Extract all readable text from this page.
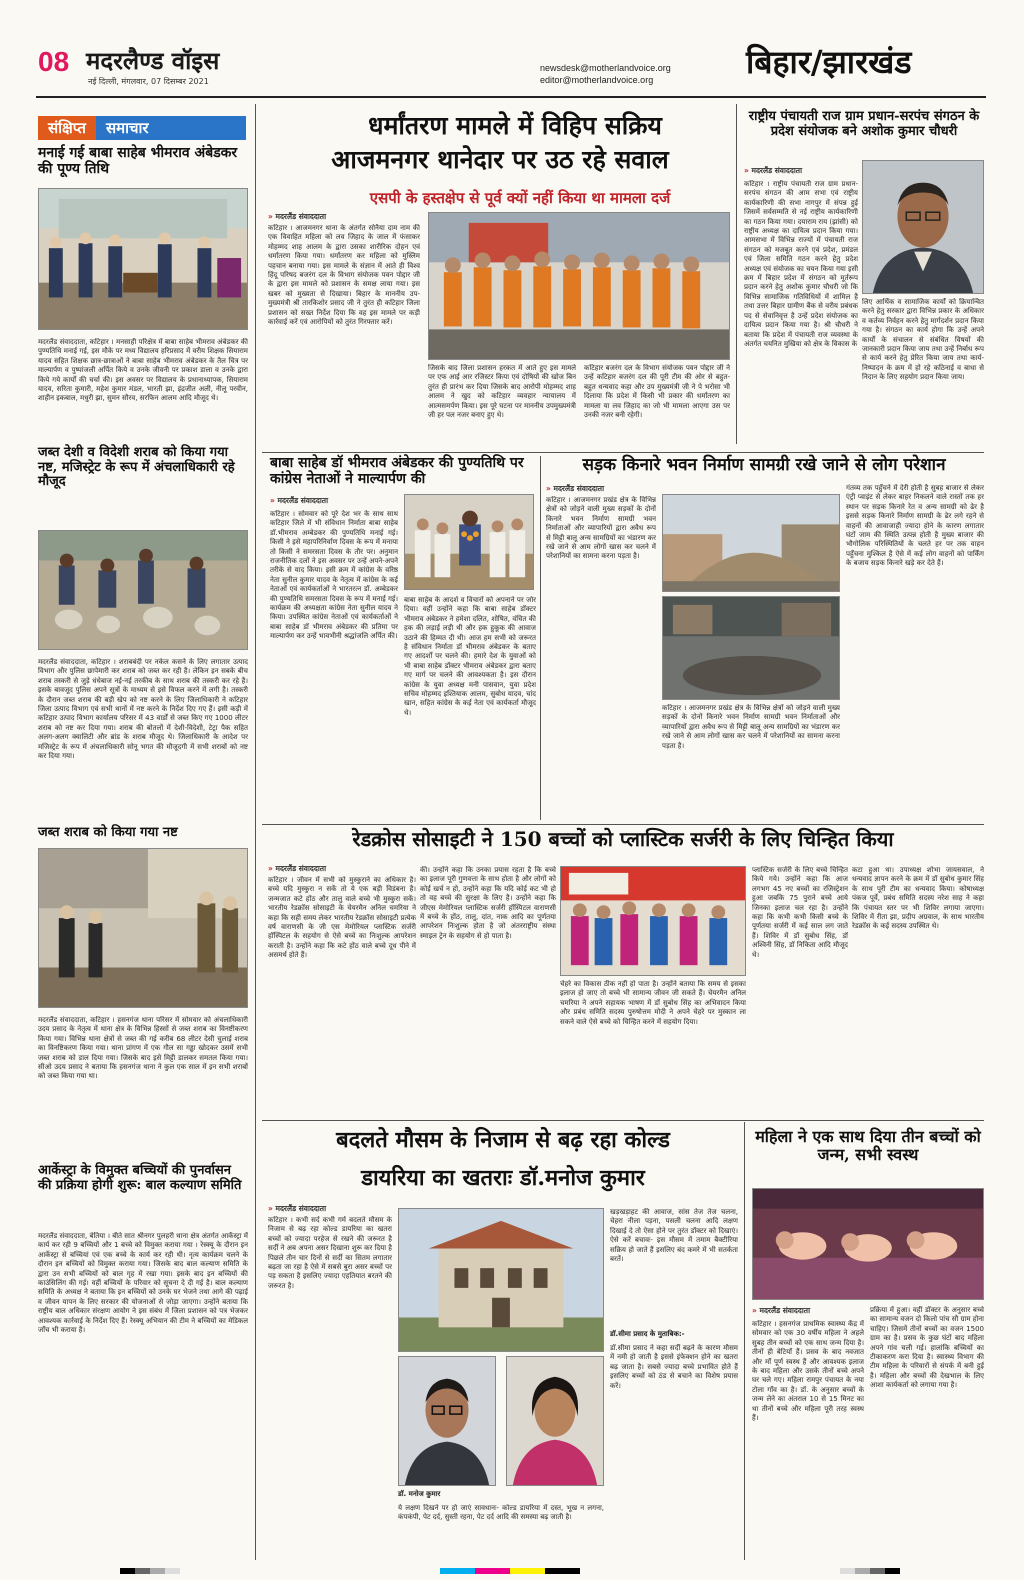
08 मदरलैण्ड वॉइस
नई दिल्ली, मंगलवार, 07 दिसम्बर 2021
newsdesk@motherlandvoice.org
editor@motherlandvoice.org	बिहार/झारखंड
संक्षिप्त	समाचार
मनाई गई बाबा साहेब भीमराव अंबेडकर की पूण्य तिथि
मदरलैंड संवाददाता, कटिहार । मनसाही परिक्षेत्र में बाबा साहेब भीमराव अंबेडकर की पुण्यतिथि मनाई गई, इस मौके पर मध्य विद्यालय हरिप्रसाद में वरीय शिक्षक सियाराम यादव सहित शिक्षक छात्र-छात्राओं ने बाबा साहेब भीमराव अंबेडकर के तैल चित्र पर माल्यार्पण व पुष्पांजली अर्पित किये व उनके जीवनी पर प्रकाश डाला व उनके द्वारा किये गये कार्यों की चर्चा की। इस अवसर पर विद्यालय के प्रधानाध्यापक, सियाराम यादव, सरिता कुमारी, महेश कुमार मंडल, भारती झा, इंद्रजीत अली, नीलू परवीन, शाहीन इकबाल, मधुरी झा, सुमन सौरव, सरफिन आलम आदि मौजूद थे।
जब्त देशी व विदेशी शराब को किया गया नष्ट, मजिस्ट्रेट के रूप में अंचलाधिकारी रहे मौजूद
मदरलैंड संवाददाता, कटिहार । शराबबंदी पर नकेल कसने के लिए लगातार उत्पाद विभाग और पुलिस छापेमारी कर शराब को जब्त कर रही है। लेकिन इन सबके बीच शराब तस्करी से जुड़े धंधेबाज नई-नई तरकीब के साथ शराब की तस्करी कर रहे है। इसके बावजूद पुलिस अपने सूत्रों के माध्यम से इसे विफल करने में लगी है। तस्करी के दौरान जब्त शराब की बड़ी खेप को नष्ट करने के लिए जिलाधिकारी ने कटिहार जिला उत्पाद विभाग एवं सभी थानों में नष्ट करने के निर्देश दिए गए हैं। इसी कड़ी में कटिहार उत्पाद विभाग कार्यालय परिसर में 43 वार्डों से जब्त किए गए 1000 लीटर शराब को नष्ट कर दिया गया। शराब की बोतलों में देशी-विदेशी, टेट्रा पैक सहित अलग-अलग क्वालिटी और ब्रांड के शराब मौजूद थे। जिलाधिकारी के आदेश पर मजिस्ट्रेट के रूप में अंचलाधिकारी सोनू भगत की मौजूदगी में सभी शराबों को नष्ट कर दिया गया।
जब्त शराब को किया गया नष्ट
मदरलैंड संवाददाता, कटिहार । हसनगंज थाना परिसर में सोमवार को अंचलाधिकारी उदय प्रसाद के नेतृत्व में थाना क्षेत्र के विभिन्न हिस्सों से जब्त शराब का विनष्टीकरण किया गया। विभिन्न थाना क्षेत्रों से जब्त की गई करीब 68 लीटर देसी चुलाई शराब का विनष्टिकरण किया गया। थाना प्रांगण में एक गौल सा गड्ढा खोदकर उसमें सभी जब्त शराब को डाल दिया गया। जिसके बाद इसे मिट्टी डालकर समतल किया गया। सीओ उदय प्रसाद ने बताया कि हसनगंज थाना ने कुल एक साल में इन सभी शराबों को जब्त किया गया था।
आर्केस्ट्रा के विमुक्त बच्चियों की पुनर्वासन की प्रक्रिया होगी शुरू: बाल कल्याण समिति
मदरलैंड संवाददाता, बेतिया । बीते सात श्रीनगर पुलहरी थाना क्षेत्र अंतर्गत आर्केस्ट्रा में कार्य कर रही 9 बच्चियों और 1 बच्चे को विमुक्त कराया गया । रेस्क्यू के दौरान इन आर्केस्ट्रा से बच्चियां एवं एक बच्चे के कार्य कर रही थी। नृत्य कार्यक्रम चलने के दौरान इन बच्चियों को विमुक्त कराया गया। जिसके बाद बाल कल्याण समिति के द्वारा उन सभी बच्चियों को बाल गृह में रखा गया। इसके बाद इन बच्चियों की काउंसिलिंग की गई। वहीं बच्चियों के परिवार को सूचना दे दी गई है। बाल कल्याण समिति के अध्यक्ष ने बताया कि इन बच्चियों को उनके घर भेजने तथा आगे की पढ़ाई व जीवन यापन के लिए सरकार की योजनाओं से जोड़ा जाएगा। उन्होंने बताया कि राष्ट्रीय बाल अधिकार संरक्षण आयोग ने इस संबंध में जिला प्रशासन को पत्र भेजकर आवश्यक कार्रवाई के निर्देश दिए हैं। रेस्क्यू अभियान की टीम ने बच्चियों का मेडिकल जाँच भी कराया है।
धर्मांतरण मामले में विहिप सक्रिय
आजमनगर थानेदार पर उठ रहे सवाल
एसपी के हस्तक्षेप से पूर्व क्यों नहीं किया था मामला दर्ज
» मदरलैंड संवाददाता
कटिहार । आजमनगर थाना के अंतर्गत सोनैया दाम नाम की एक विवाहित महिला को लव जिहाद के जाल में फंसाकर मोहम्मद शाह आलम के द्वारा उसका शारीरिक दोहन एवं धर्मांतरण किया गया। धर्मांतरण कर महिला को मुस्लिम पहचान बनाया गया। इस मामले के संज्ञान में आते ही विश्व हिंदू परिषद बजरंग दल के विभाग संयोजक पवन पोद्दार जी के द्वारा इस मामले को प्रशासन के समक्ष लाया गया। इस खबर को मुख्यता से दिखाया। बिहार के माननीय उप-मुख्यमंत्री श्री तारकिशोर प्रसाद जी ने तुरंत ही कटिहार जिला प्रशासन को सख्त निर्देश दिया कि वह इस मामले पर कड़ी कार्रवाई करें एवं आरोपियों को तुरंत गिरफ्तार करें।
जिसके बाद जिला प्रशासन हरकत में आते हुए इस मामले पर एफ आई आर रजिस्टर किया एवं दोषियों की खोज बिन तुरंत ही प्रारंभ कर दिया जिसके बाद आरोपी मोहम्मद शाह आलम ने खुद को कटिहार व्यवहार न्यायालय में आत्मसमर्पण किया। इस पूरे घटना पर माननीय उपमुख्यमंत्री जी हर पल नजर बनाए हुए थे।
कटिहार बजरंग दल के विभाग संयोजक पवन पोद्दार जी ने उन्हें कटिहार बजरंग दल की पूरी टीम की ओर से बहुत-बहुत धन्यवाद कहा और उप मुख्यमंत्री जी ने पे भरोसा भी दिलाया कि प्रदेश में किसी भी प्रकार की धर्मांतरण का मामला या लव जिहाद का जो भी मामला आएगा उस पर उनकी नजर बनी रहेगी।
राष्ट्रीय पंचायती राज ग्राम प्रधान-सरपंच संगठन के प्रदेश संयोजक बने अशोक कुमार चौधरी
» मदरलैंड संवाददाता
कटिहार । राष्ट्रीय पंचायती राज ग्राम प्रधान-सरपंच संगठन की आम सभा एवं राष्ट्रीय कार्यकारिणी की सभा नागपुर में संपन्न हुई जिसमें सर्वसम्मति से नई राष्ट्रीय कार्यकारिणी का गठन किया गया। दयाराम राय (झांसी) को राष्ट्रीय अध्यक्ष का दायित्व प्रदान किया गया। आमसभा में विभिन्न राज्यों में पंचायती राज संगठन को मजबूत करने एवं प्रदेश, प्रमंडल एवं जिला समिति गठन करने हेतु प्रदेश अध्यक्ष एवं संयोजक का चयन किया गया इसी क्रम में बिहार प्रदेश में संगठन को मूर्तरूप प्रदान करने हेतु अशोक कुमार चौधरी जो कि विभिन्न सामाजिक गतिविधियों में शामिल है तथा उत्तर बिहार ग्रामीण बैंक से वरीय प्रबंधक पद से सेवानिवृत्त है उन्हें प्रदेश संयोजक का दायित्व प्रदान किया गया है। श्री चौधरी ने बताया कि प्रदेश में पंचायती राज व्यवस्था के अंतर्गत चयनित मुखिया को क्षेत्र के विकास के
लिए आर्थिक व सामाजिक कार्यों को क्रियान्वित करने हेतु सरकार द्वारा विभिन्न प्रकार के अधिकार व कर्तव्य निर्वहन करने हेतु मार्गदर्शन प्रदान किया गया है। संगठन का कार्य होगा कि उन्हें अपने कार्यों के संचालन से संबंधित विषयों की जानकारी प्रदान किया जाय तथा उन्हें निर्बाध रूप से कार्य करने हेतु प्रेरित किया जाय तथा कार्य-निष्पादन के क्रम में हो रहे कठिनाई व बाधा से निदान के लिए सहयोग प्रदान किया जाय।
बाबा साहेब डॉ भीमराव अंबेडकर की पुण्यतिथि पर कांग्रेस नेताओं ने माल्यार्पण की
» मदरलैंड संवाददाता
कटिहार । सोमवार को पूरे देश भर के साथ साथ कटिहार जिले में भी संविधान निर्माता बाबा साहेब डॉ.भीमराव अम्बेडकर की पुण्यतिथि मनाई गई। किसी ने इसे महापरिनिर्वाण दिवस के रूप में मनाया तो किसी ने समरसता दिवस के तौर पर। अनुमान राजनीतिक दलों ने इस अवसर पर उन्हें अपने-अपने तरीके से याद किया। इसी क्रम में कांग्रेस के वरिष्ठ नेता सुनील कुमार यादव के नेतृत्व में कांग्रेस के कई नेताओं एवं कार्यकर्ताओं ने भारतरत्न डॉ. अम्बेडकर की पुण्यतिथि समरसता दिवस के रूप में मनाई गई। कार्यक्रम की अध्यक्षता कांग्रेस नेता सुनील यादव ने किया। उपस्थित कांग्रेस नेताओं एवं कार्यकर्ताओं ने बाबा साहेब डॉ भीमराव अंबेडकर की प्रतिमा पर माल्यार्पण कर उन्हें भावभीनी श्रद्धांजलि अर्पित की।
बाबा साहेब के आदर्श व विचारों को अपनाने पर जोर दिया। वहीं उन्होंने कहा कि बाबा साहेब डॉक्टर भीमराव अंबेडकर ने हमेशा दलित, शोषित, वंचित की हक की लड़ाई लड़ी थी और हक हुकूक की आवाज उठाने की हिम्मत दी थी। आज हम सभी को जरूरत है संविधान निर्माता डॉ भीमराव अंबेडकर के बताए गए आदर्शों पर चलने की। हमारे देश के युवाओं को भी बाबा साहेब डॉक्टर भीमराव अंबेडकर द्वारा बताए गए मार्ग पर चलने की आवश्यकता है। इस दौरान कांग्रेस के युवा अध्यक्ष मनी पासवान, युवा प्रदेश सचिव मोहम्मद इश्तियाक आलम, सुबोध यादव, चांद खान, सहित कांग्रेस के कई नेता एवं कार्यकर्ता मौजूद थे।
सड़क किनारे भवन निर्माण सामग्री रखे जाने से लोग परेशान
» मदरलैंड संवाददाता
कटिहार । आजमनगर प्रखंड क्षेत्र के विभिन्न क्षेत्रों को जोड़ने वाली मुख्य सड़कों के दोनों किनारे भवन निर्माण सामग्री भवन निर्माताओं और व्यापारियों द्वारा अवैध रूप से मिट्टी बालू अन्य सामग्रियों का भंडारण कर रखे जाने से आम लोगों खास कर चलने में परेशानियों का सामना करना पड़ता है।
कटिहार । आजमनगर प्रखंड क्षेत्र के विभिन्न क्षेत्रों को जोड़ने वाली मुख्य सड़कों के दोनों किनारे भवन निर्माण सामग्री भवन निर्माताओं और व्यापारियों द्वारा अवैध रूप से मिट्टी बालू अन्य सामग्रियों का भंडारण कर रखे जाने से आम लोगों खास कर चलने में परेशानियों का सामना करना पड़ता है।
गंतव्य तक पहुँचने में देरी होती है सुबह बाजार से लेकर एंट्री प्वाइंट से लेकर बाहर निकलने वाले रास्तों तक हर स्थान पर सड़क किनारे रेत व अन्य सामग्री को ढेर है इससे सड़क किनारे निर्माण सामग्री के ढेर लगे रहने से वाहनों की आवाजाही ज्यादा होने के कारण लगातार घंटों जाम की स्थिति उत्पन्न होती है मुख्य बाजार की भौगोलिक परिस्थितियों के चलते हर पर तक वाहन पहुँचना मुश्किल है ऐसे में कई लोग वाहनों को पार्किंग के बजाय सड़क किनारे खड़े कर देते हैं।
रेडक्रोस सोसाइटी ने 150 बच्चों को प्लास्टिक सर्जरी के लिए चिन्हित किया
» मदरलैंड संवाददाता
कटिहार । जीवन में सभी को मुस्कुराने का अधिकार है। बच्चे यदि मुस्कुरा न सकें तो ये एक बड़ी विडंबना है। जन्मजात कटे होंठ और तालु वाले बच्चे भी मुस्कुरा सकें। भारतीय रेडक्रॉस सोसाइटी के चेयरमैन अनिल चमरिया ने कहा कि सही समय लेकर भारतीय रेडक्रॉस सोसाइटी प्रत्येक वर्ष वाराणसी के जी एस मेमोरियल प्लास्टिक सर्जरी हॉस्पिटल के सहयोग से ऐसे बच्चे का निःशुल्क आपरेशन कराती है। उन्होंने कहा कि कटे होंठ वाले बच्चे दूध पीने में असमर्थ होते हैं।
की। उन्होंने कहा कि उनका प्रयास रहता है कि बच्चे का इलाज पूरी गुणवत्ता के साथ होता है और लोगों को कोई खर्च न हो, उन्होंने कहा कि यदि कोई कट भी हो तो वह बच्चे की सुरक्षा के लिए है। उन्होंने कहा कि जीएस मेमोरियल प्लास्टिक सर्जरी हॉस्पिटल वाराणसी में बच्चे के होंठ, तालु, दांत, नाक आदि का पूर्णतया आपरेशन निःशुल्क होता है जो अंतरराष्ट्रीय संस्था स्माइल ट्रेन के सहयोग से हो पाता है।
चेहरे का विकास ठीक नहीं हो पाता है। उन्होंने बताया कि समय से इसका इलाज हो जाए तो बच्चे भी सामान्य जीवन जी सकते हैं। चेयरमैन अनिल चमरिया ने अपने सहायक भाषण में डॉ सुबोध सिंह का अभिवादन किया और प्रबंध समिति सदस्य पुरुषोत्तम मोदी ने अपने चेहरे पर मुस्कान ला सकने वाले ऐसे बच्चे को चिन्हित करने में सहयोग दिया।
प्लास्टिक सर्जरी के लिए बच्चे चिन्हित किये गये। उन्होंने कहा कि आज लगभग 45 नए बच्चों का रजिस्ट्रेशन हुआ जबकि 75 पुराने बच्चे आये जिनका इलाज चल रहा है। उन्होंने कहा कि कभी कभी किसी बच्चे के पूर्णतया सर्जरी में कई साल लग जाते हैं। शिविर में डॉ सुबोध सिंह, डॉ अश्विनी सिंह, डॉ निकिता आदि मौजूद थे।
कटा हुआ था। उपाध्यक्ष शोभा जायसवाल, ने धन्यवाद ज्ञापन करने के क्रम में डॉ सुबोध कुमार सिंह के साथ पूरी टीम का धन्यवाद किया। कोषाध्यक्ष पंकज पूर्वे, प्रबंध समिति सदस्य नरेश साह ने कहा कि पंचायत स्तर पर भी शिविर लगाया जाएगा। शिविर में रीता झा, प्रदीप अग्रवाल, के साथ भारतीय रेडक्रॉस के कई सदस्य उपस्थित थे।
बदलते मौसम के निजाम से बढ़ रहा कोल्ड
डायरिया का खतराः डॉ.मनोज कुमार
» मदरलैंड संवाददाता
कटिहार । कभी सर्द कभी गर्म बदलते मौसम के निजाम से बढ़ रहा कोल्ड डायरिया का खतरा बच्चों को ज्यादा परहेज से रखने की जरूरत है सर्दी ने अब अपना असर दिखाना शुरू कर दिया है पिछले तीन चार दिनों से सर्दी का सितम लगातार बढ़ता जा रहा है ऐसे में सबसे बुरा असर बच्चों पर पड़ सकता है इसलिए ज्यादा एहतियात बरतने की जरूरत है।
डॉ. मनोज कुमार
ये लक्षण दिखने पर हो जाएं सावधानः- कोल्ड डायरिया में दस्त, भूख न लगना, कंपकंपी, पेट दर्द, सुस्ती रहना, पेट दर्द आदि की समस्या बढ़ जाती है।
खड़खड़ाहट की आवाज, सांस तेज तेज चलना, चेहरा नीला पड़ना, पसली चलना आदि लक्षण दिखाई दे तो ऐसा होने पर तुरंत डॉक्टर को दिखाएं। ऐसे करें बचावः- इस मौसम में तमाम बैक्टीरिया सक्रिय हो जाते हैं इसलिए बंद कमरे में भी सतर्कता बरतें।
डॉ.सीमा प्रसाद के मुताबिक:-
डॉ.सीमा प्रसाद ने कहा सर्दी बढ़ने के कारण मौसम में नमी हो जाती है इससे इंफेक्शन होने का खतरा बढ़ जाता है। सबसे ज्यादा बच्चे प्रभावित होते हैं इसलिए बच्चों को ठंड से बचाने का विशेष प्रयास करें।
महिला ने एक साथ दिया तीन बच्चों को जन्म, सभी स्वस्थ
» मदरलैंड संवाददाता
कटिहार । हसनगंज प्राथमिक स्वास्थ्य केंद्र में सोमवार को एक 30 वर्षीय महिला ने अहले सुबह तीन बच्चों को एक साथ जन्म दिया है। तीनों ही बेटियाँ हैं। प्रसव के बाद नवजात और माँ पूर्ण स्वस्थ हैं और आवश्यक इलाज के बाद महिला और उसके तीनों बच्चे अपने घर चले गए। महिला रामपुर पंचायत के नया टोला गाँव का है। डॉ. के अनुसार बच्चों के जन्म लेने का अंतराल 10 से 15 मिनट का था तीनों बच्चे और महिला पूरी तरह स्वस्थ हैं।
प्रक्रिया में हुआ। वहीं डॉक्टर के अनुसार बच्चे का सामान्य वजन दो किलो पांच सौ ग्राम होना चाहिए। जिसमें तीनों बच्चों का वजन 1500 ग्राम का है। प्रसव के कुछ घंटों बाद महिला अपने गांव चली गई। हालांकि बच्चियों का टीकाकरण करा दिया है। स्वास्थ्य विभाग की टीम महिला के परिवारों से संपर्क में बनी हुई है। महिला और बच्चों की देखभाल के लिए आशा कार्यकर्ता को लगाया गया है।
